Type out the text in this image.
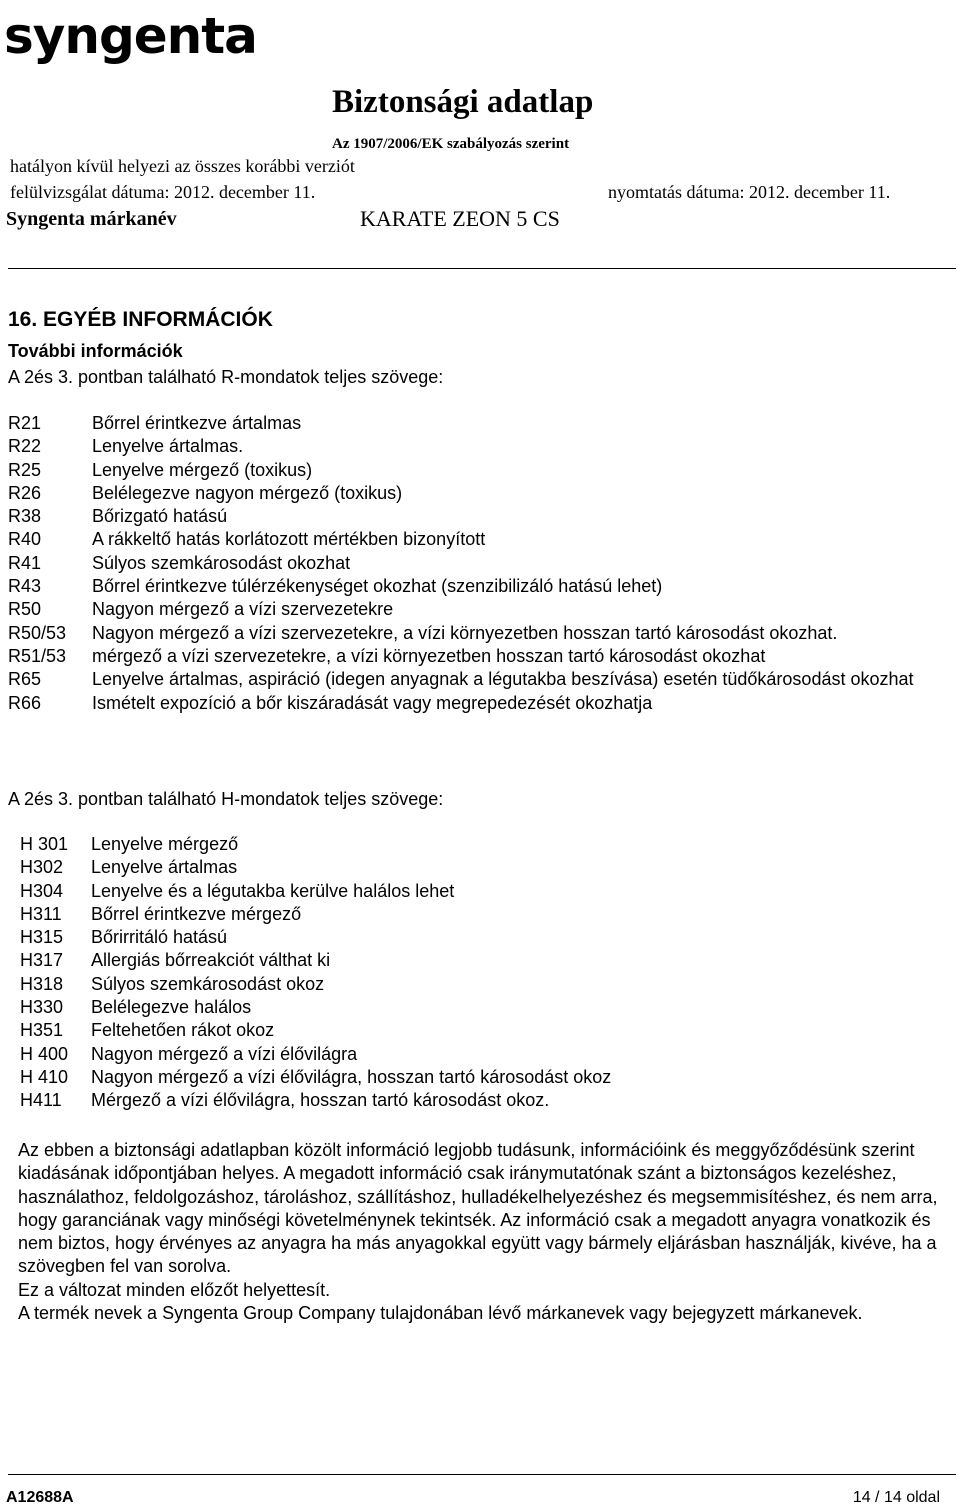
syngenta
Biztonsági adatlap
Az 1907/2006/EK szabályozás szerint
hatályon kívül helyezi az összes korábbi verziót
felülvizsgálat dátuma: 2012. december 11.	nyomtatás dátuma: 2012. december 11.
Syngenta márkanév	KARATE ZEON 5 CS
16. EGYÉB INFORMÁCIÓK
További információk
A 2és 3. pontban található R-mondatok teljes szövege:
R21	Bőrrel érintkezve ártalmas
R22	Lenyelve ártalmas.
R25	Lenyelve mérgező (toxikus)
R26	Belélegezve nagyon mérgező (toxikus)
R38	Bőrizgató hatású
R40	A rákkeltő hatás korlátozott mértékben bizonyított
R41	Súlyos szemkárosodást okozhat
R43	Bőrrel érintkezve túlérzékenységet okozhat (szenzibilizáló hatású lehet)
R50	Nagyon mérgező a vízi szervezetekre
R50/53	Nagyon mérgező a vízi szervezetekre, a vízi környezetben hosszan tartó károsodást okozhat.
R51/53	mérgező a vízi szervezetekre, a vízi környezetben hosszan tartó károsodást okozhat
R65	Lenyelve ártalmas, aspiráció (idegen anyagnak a légutakba beszívása) esetén tüdőkárosodást okozhat
R66	Ismételt expozíció a bőr kiszáradását vagy megrepedezését okozhatja
A 2és 3. pontban található H-mondatok teljes szövege:
H 301	Lenyelve mérgező
H302	Lenyelve ártalmas
H304	Lenyelve és a légutakba kerülve halálos lehet
H311	Bőrrel érintkezve mérgező
H315	Bőrirritáló hatású
H317	Allergiás bőrreakciót válthat ki
H318	Súlyos szemkárosodást okoz
H330	Belélegezve halálos
H351	Feltehetően rákot okoz
H 400	Nagyon mérgező a vízi élővilágra
H 410	Nagyon mérgező a vízi élővilágra, hosszan tartó károsodást okoz
H411	Mérgező a vízi élővilágra, hosszan tartó károsodást okoz.

Az ebben a biztonsági adatlapban közölt információ legjobb tudásunk, információink és meggyőződésünk szerint kiadásának időpontjában helyes. A megadott információ csak iránymutatónak szánt a biztonságos kezeléshez, használathoz, feldolgozáshoz, tároláshoz, szállításhoz, hulladékelhelyezéshez és megsemmisítéshez, és nem arra, hogy garanciának vagy minőségi követelménynek tekintsék. Az információ csak a megadott anyagra vonatkozik és nem biztos, hogy érvényes az anyagra ha más anyagokkal együtt vagy bármely eljárásban használják, kivéve, ha a szövegben fel van sorolva.

Ez a változat minden előzőt helyettesít.

A termék nevek a Syngenta Group Company tulajdonában lévő márkanevek vagy bejegyzett márkanevek.

A12688A	14 / 14 oldal
